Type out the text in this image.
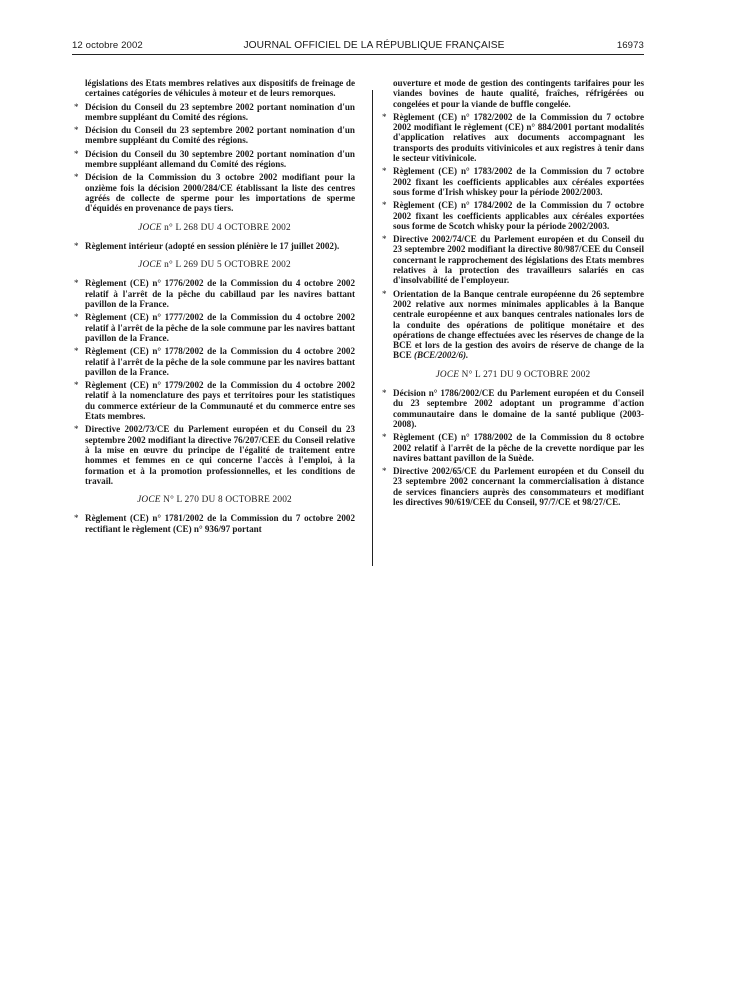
12 octobre 2002	JOURNAL OFFICIEL DE LA RÉPUBLIQUE FRANÇAISE	16973
législations des Etats membres relatives aux dispositifs de freinage de certaines catégories de véhicules à moteur et de leurs remorques.
* Décision du Conseil du 23 septembre 2002 portant nomination d'un membre suppléant du Comité des régions.
* Décision du Conseil du 23 septembre 2002 portant nomination d'un membre suppléant du Comité des régions.
* Décision du Conseil du 30 septembre 2002 portant nomination d'un membre suppléant allemand du Comité des régions.
* Décision de la Commission du 3 octobre 2002 modifiant pour la onzième fois la décision 2000/284/CE établissant la liste des centres agréés de collecte de sperme pour les importations de sperme d'équidés en provenance de pays tiers.
JOCE n° L 268 DU 4 OCTOBRE 2002
* Règlement intérieur (adopté en session plénière le 17 juillet 2002).
JOCE n° L 269 DU 5 OCTOBRE 2002
* Règlement (CE) n° 1776/2002 de la Commission du 4 octobre 2002 relatif à l'arrêt de la pêche du cabillaud par les navires battant pavillon de la France.
* Règlement (CE) n° 1777/2002 de la Commission du 4 octobre 2002 relatif à l'arrêt de la pêche de la sole commune par les navires battant pavillon de la France.
* Règlement (CE) n° 1778/2002 de la Commission du 4 octobre 2002 relatif à l'arrêt de la pêche de la sole commune par les navires battant pavillon de la France.
* Règlement (CE) n° 1779/2002 de la Commission du 4 octobre 2002 relatif à la nomenclature des pays et territoires pour les statistiques du commerce extérieur de la Communauté et du commerce entre ses Etats membres.
* Directive 2002/73/CE du Parlement européen et du Conseil du 23 septembre 2002 modifiant la directive 76/207/CEE du Conseil relative à la mise en œuvre du principe de l'égalité de traitement entre hommes et femmes en ce qui concerne l'accès à l'emploi, à la formation et à la promotion professionnelles, et les conditions de travail.
JOCE N° L 270 DU 8 OCTOBRE 2002
* Règlement (CE) n° 1781/2002 de la Commission du 7 octobre 2002 rectifiant le règlement (CE) n° 936/97 portant
ouverture et mode de gestion des contingents tarifaires pour les viandes bovines de haute qualité, fraîches, réfrigérées ou congelées et pour la viande de buffle congelée.
* Règlement (CE) n° 1782/2002 de la Commission du 7 octobre 2002 modifiant le règlement (CE) n° 884/2001 portant modalités d'application relatives aux documents accompagnant les transports des produits vitivinicoles et aux registres à tenir dans le secteur vitivinicole.
* Règlement (CE) n° 1783/2002 de la Commission du 7 octobre 2002 fixant les coefficients applicables aux céréales exportées sous forme d'Irish whiskey pour la période 2002/2003.
* Règlement (CE) n° 1784/2002 de la Commission du 7 octobre 2002 fixant les coefficients applicables aux céréales exportées sous forme de Scotch whisky pour la période 2002/2003.
* Directive 2002/74/CE du Parlement européen et du Conseil du 23 septembre 2002 modifiant la directive 80/987/CEE du Conseil concernant le rapprochement des législations des Etats membres relatives à la protection des travailleurs salariés en cas d'insolvabilité de l'employeur.
* Orientation de la Banque centrale européenne du 26 septembre 2002 relative aux normes minimales applicables à la Banque centrale européenne et aux banques centrales nationales lors de la conduite des opérations de politique monétaire et des opérations de change effectuées avec les réserves de change de la BCE et lors de la gestion des avoirs de réserve de change de la BCE (BCE/2002/6).
JOCE N° L 271 DU 9 OCTOBRE 2002
* Décision n° 1786/2002/CE du Parlement européen et du Conseil du 23 septembre 2002 adoptant un programme d'action communautaire dans le domaine de la santé publique (2003-2008).
* Règlement (CE) n° 1788/2002 de la Commission du 8 octobre 2002 relatif à l'arrêt de la pêche de la crevette nordique par les navires battant pavillon de la Suède.
* Directive 2002/65/CE du Parlement européen et du Conseil du 23 septembre 2002 concernant la commercialisation à distance de services financiers auprès des consommateurs et modifiant les directives 90/619/CEE du Conseil, 97/7/CE et 98/27/CE.
